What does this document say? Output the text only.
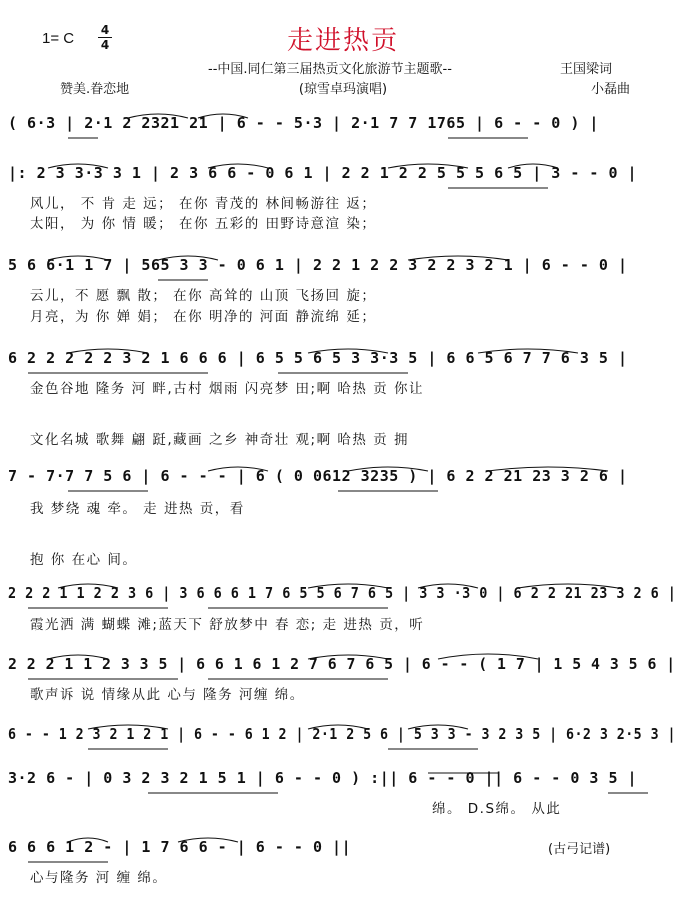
1= C 4
4	走进热贡
--中国.同仁第三届热贡文化旅游节主题歌--
(琼雪卓玛演唱)
王国梁词
小磊曲
赞美.眷恋地
( 6·3 | 2·1 2 2321 21 | 6 - - 5·3 | 2·1 7 7 1765 | 6 - - 0 ) |
|: 2 3 3·3 3 1 | 2 3 6 6 - 0 6 1 | 2 2 1 2 2 5 5 5 6 5 | 3 - - 0 |
5 6 6·1 1 7 | 565 3 3 - 0 6 1 | 2 2 1 2 2 3 2 2 3 2 1 | 6 - - 0 |
6 2 2 2 2 2 3 2 1 6 6 6 | 6 5 5 6 5 3 3·3 5 | 6 6 5 6 7 7 6 3 5 |
7 - 7·7 7 5 6 | 6 - - - | 6 ( 0 0612 3235 ) | 6 2 2 21 23 3 2 6 |
2 2 2 1 1 2 2 3 6 | 3 6 6 6 1 7 6 5 5 6 7 6 5 | 3 3 ·3 0 | 6 2 2 21 23 3 2 6 |
2 2 2 1 1 2 3 3 5 | 6 6 1 6 1 2 7 6 7 6 5 | 6 - - ( 1 7 | 1 5 4 3 5 6 |
6 - - 1 2 3 2 1 2 1 | 6 - - 6 1 2 | 2·1 2 5 6 | 5 3 3 - 3 2 3 5 | 6·2 3 2·5 3 |
3·2 6 - | 0 3 2 3 2 1 5 1 | 6 - - 0 ) :|| 6 - - 0 || 6 - - 0 3 5 |
6 6 6 1 2 - | 1 7 6 6 - | 6 - - 0 ||
风儿， 不 肯 走 远； 在你 青茂的 林间畅游往 返；
太阳， 为 你 情 暖； 在你 五彩的 田野诗意渲 染；
云儿，不 愿 飘 散； 在你 高耸的 山顶 飞扬回 旋；
月亮，为 你 婵 娟； 在你 明净的 河面 静流绵 延；
金色谷地 隆务 河 畔,古村 烟雨 闪亮梦 田;啊 哈热 贡 你让
文化名城 歌舞 翩 跹,藏画 之乡 神奇壮 观;啊 哈热 贡 拥
我 梦绕 魂 牵。 走 进热 贡，看
抱 你 在心 间。
霞光洒 满 蝴蝶 滩;蓝天下 舒放梦中 春 恋; 走 进热 贡，听
歌声诉 说 情缘从此 心与 隆务 河缠 绵。
绵。 D.S绵。 从此
心与隆务 河 缠 绵。
(古弓记谱)
